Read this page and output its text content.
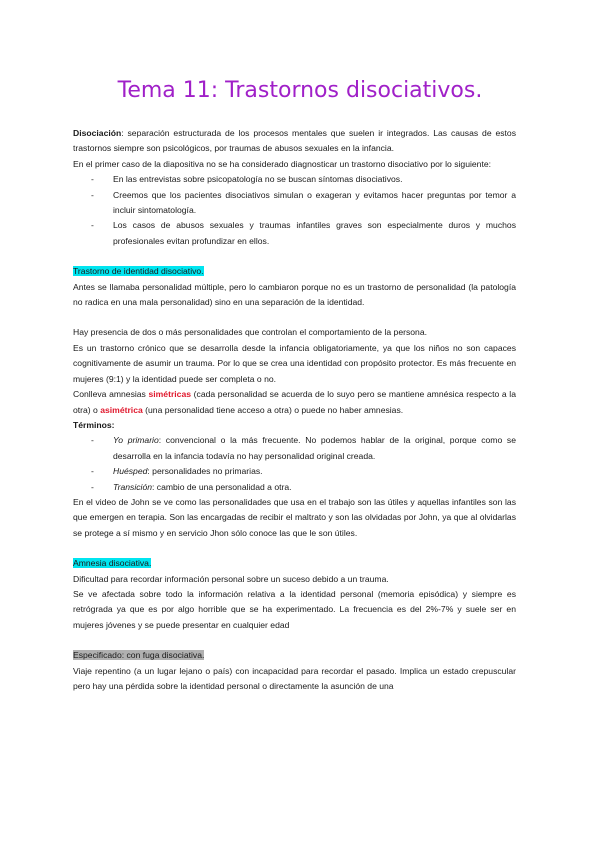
Tema 11: Trastornos disociativos.

Disociación: separación estructurada de los procesos mentales que suelen ir integrados. Las causas de estos trastornos siempre son psicológicos, por traumas de abusos sexuales en la infancia.

En el primer caso de la diapositiva no se ha considerado diagnosticar un trastorno disociativo por lo siguiente:

- En las entrevistas sobre psicopatología no se buscan síntomas disociativos.
- Creemos que los pacientes disociativos simulan o exageran y evitamos hacer preguntas por temor a incluir sintomatología.
- Los casos de abusos sexuales y traumas infantiles graves son especialmente duros y muchos profesionales evitan profundizar en ellos.

Trastorno de identidad disociativo.

Antes se llamaba personalidad múltiple, pero lo cambiaron porque no es un trastorno de personalidad (la patología no radica en una mala personalidad) sino en una separación de la identidad.

Hay presencia de dos o más personalidades que controlan el comportamiento de la persona.

Es un trastorno crónico que se desarrolla desde la infancia obligatoriamente, ya que los niños no son capaces cognitivamente de asumir un trauma. Por lo que se crea una identidad con propósito protector. Es más frecuente en mujeres (9:1) y la identidad puede ser completa o no.

Conlleva amnesias simétricas (cada personalidad se acuerda de lo suyo pero se mantiene amnésica respecto a la otra) o asimétrica (una personalidad tiene acceso a otra) o puede no haber amnesias.

Términos:

- Yo primario: convencional o la más frecuente. No podemos hablar de la original, porque como se desarrolla en la infancia todavía no hay personalidad original creada.
- Huésped: personalidades no primarias.
- Transición: cambio de una personalidad a otra.

En el video de John se ve como las personalidades que usa en el trabajo son las útiles y aquellas infantiles son las que emergen en terapia. Son las encargadas de recibir el maltrato y son las olvidadas por John, ya que al olvidarlas se protege a sí mismo y en servicio Jhon sólo conoce las que le son útiles.

Amnesia disociativa.

Dificultad para recordar información personal sobre un suceso debido a un trauma.

Se ve afectada sobre todo la información relativa a la identidad personal (memoria episódica) y siempre es retrógrada ya que es por algo horrible que se ha experimentado. La frecuencia es del 2%-7% y suele ser en mujeres jóvenes y se puede presentar en cualquier edad

Especificado: con fuga disociativa.

Viaje repentino (a un lugar lejano o país) con incapacidad para recordar el pasado. Implica un estado crepuscular pero hay una pérdida sobre la identidad personal o directamente la asunción de una
